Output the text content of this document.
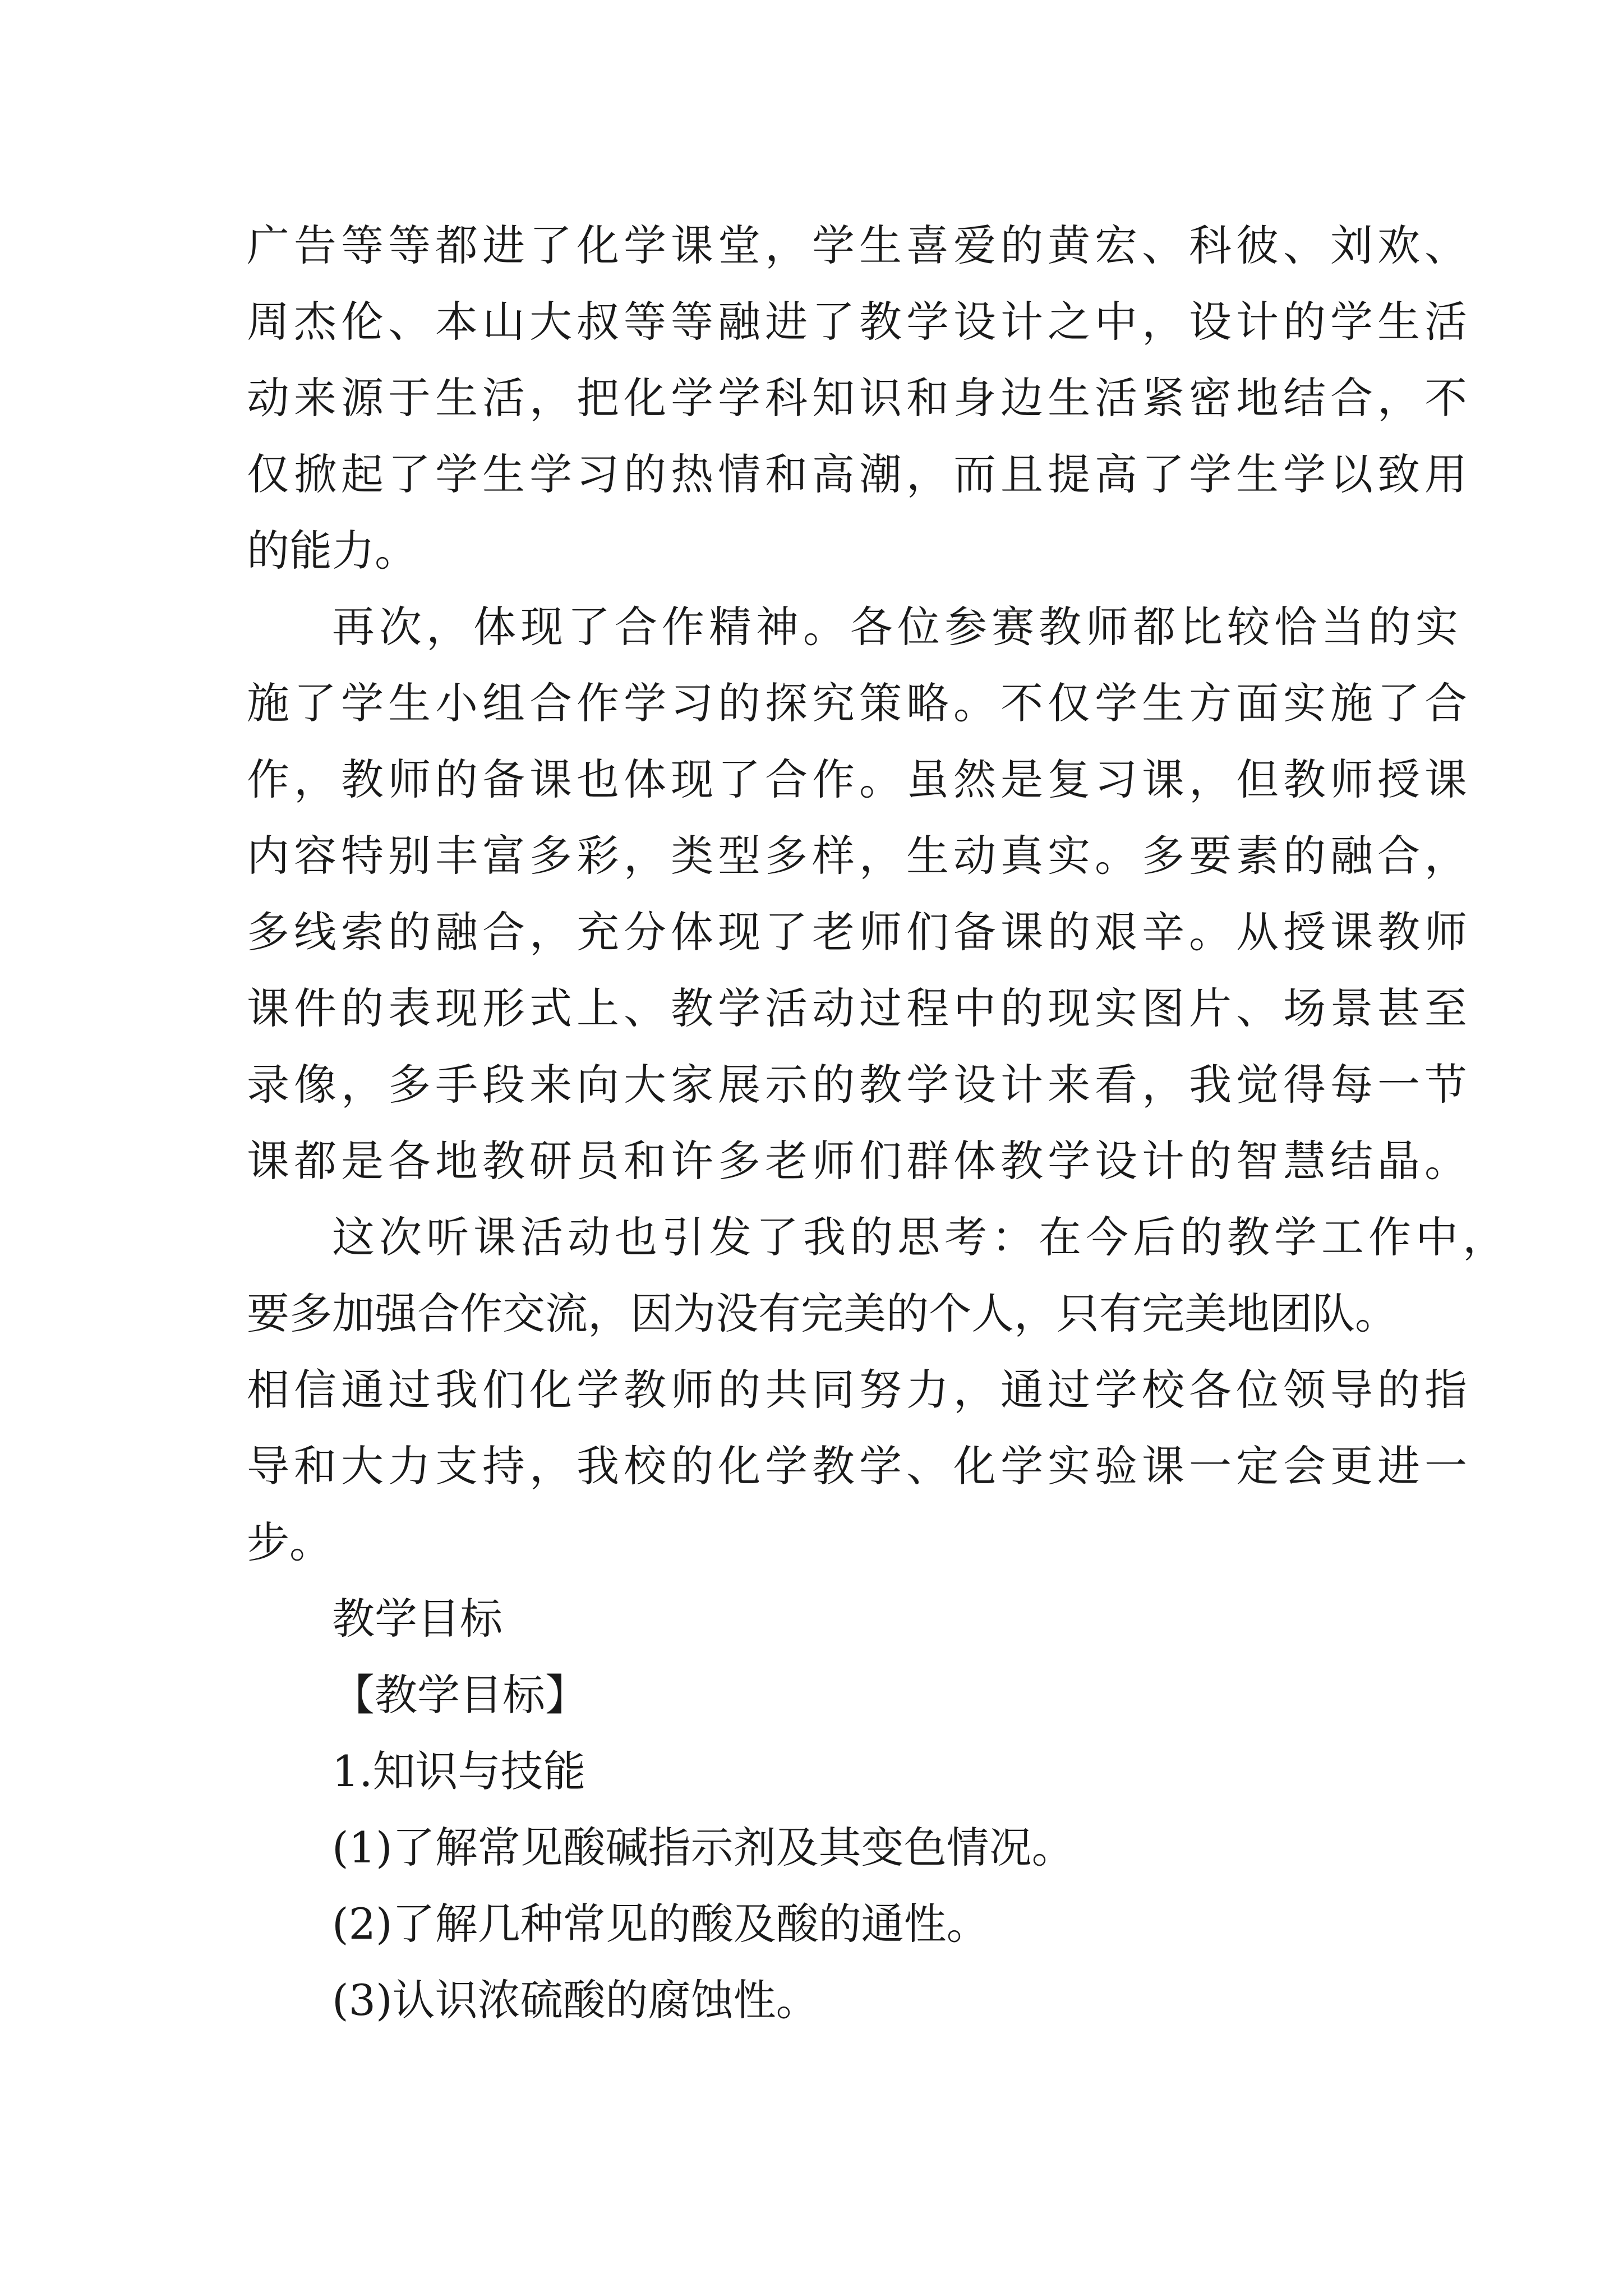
广告等等都进了化学课堂，学生喜爱的黄宏、科彼、刘欢、
周杰伦、本山大叔等等融进了教学设计之中，设计的学生活
动来源于生活，把化学学科知识和身边生活紧密地结合，不
仅掀起了学生学习的热情和高潮，而且提高了学生学以致用
的能力。
再次，体现了合作精神。各位参赛教师都比较恰当的实
施了学生小组合作学习的探究策略。不仅学生方面实施了合
作，教师的备课也体现了合作。虽然是复习课，但教师授课
内容特别丰富多彩，类型多样，生动真实。多要素的融合，
多线索的融合，充分体现了老师们备课的艰辛。从授课教师
课件的表现形式上、教学活动过程中的现实图片、场景甚至
录像，多手段来向大家展示的教学设计来看，我觉得每一节
课都是各地教研员和许多老师们群体教学设计的智慧结晶。
这次听课活动也引发了我的思考：在今后的教学工作中，
要多加强合作交流，因为没有完美的个人，只有完美地团队。
相信通过我们化学教师的共同努力，通过学校各位领导的指
导和大力支持，我校的化学教学、化学实验课一定会更进一
步。
教学目标
【教学目标】
1.知识与技能
(1)了解常见酸碱指示剂及其变色情况。
(2)了解几种常见的酸及酸的通性。
(3)认识浓硫酸的腐蚀性。
